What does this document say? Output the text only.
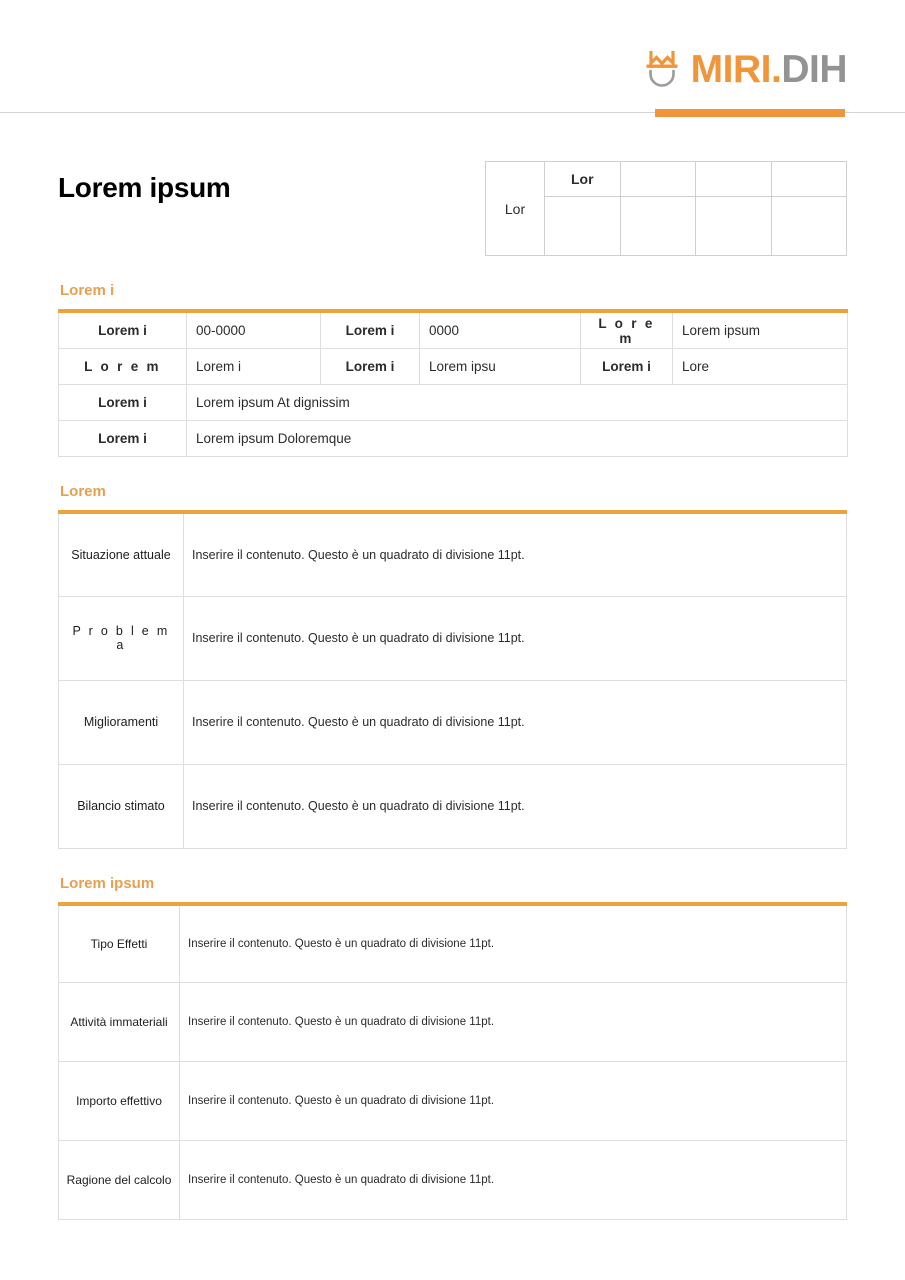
MIRI.DIH
Lorem ipsum
Lor	Lor			

Lorem i
Lorem i	00-0000	Lorem i	0000	L o r e m	Lorem ipsum
L o r e m	Lorem i	Lorem i	Lorem ipsu	Lorem i	Lore
Lorem i	Lorem ipsum At dignissim				
Lorem i	Lorem ipsum Doloremque				
Lorem
Situazione attuale	Inserire il contenuto. Questo è un quadrato di divisione 11pt.
P r o b l e m a	Inserire il contenuto. Questo è un quadrato di divisione 11pt.
Miglioramenti	Inserire il contenuto. Questo è un quadrato di divisione 11pt.
Bilancio stimato	Inserire il contenuto. Questo è un quadrato di divisione 11pt.
Lorem ipsum
Tipo Effetti	Inserire il contenuto. Questo è un quadrato di divisione 11pt.
Attività immateriali	Inserire il contenuto. Questo è un quadrato di divisione 11pt.
Importo effettivo	Inserire il contenuto. Questo è un quadrato di divisione 11pt.
Ragione del calcolo	Inserire il contenuto. Questo è un quadrato di divisione 11pt.
